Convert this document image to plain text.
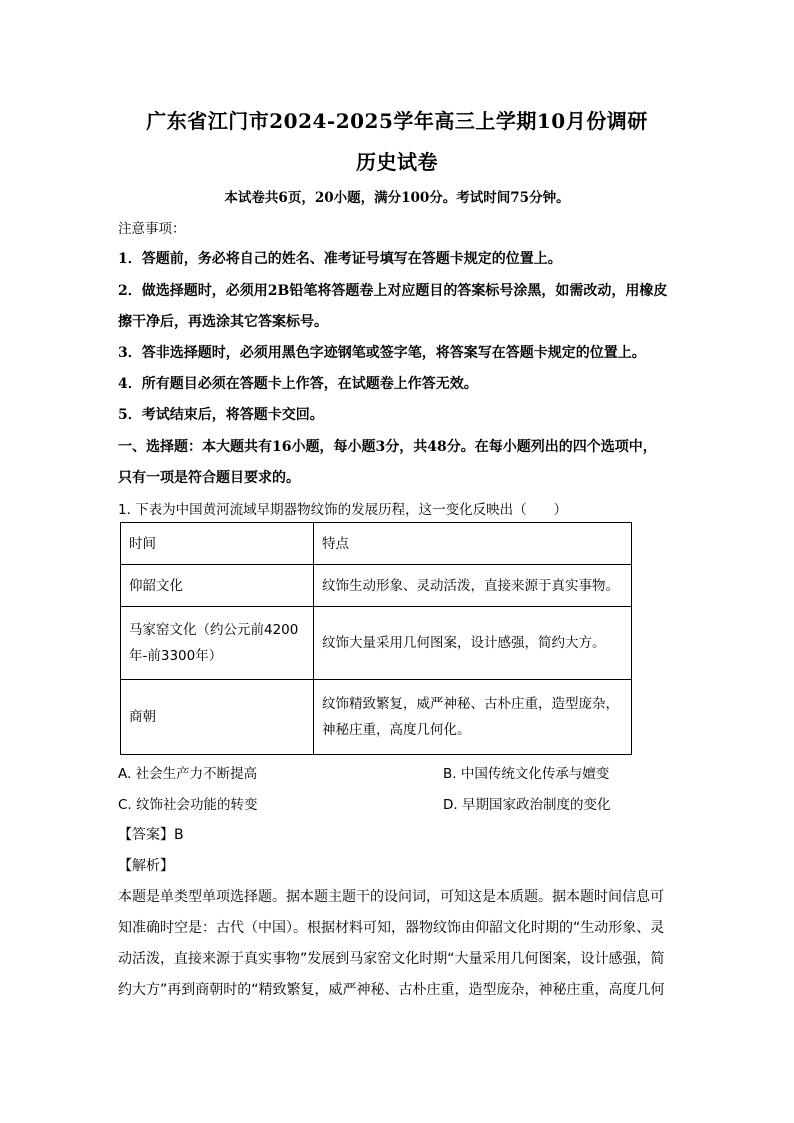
广东省江门市2024-2025学年高三上学期10月份调研
历史试卷
本试卷共6页，20小题，满分100分。考试时间75分钟。
注意事项：
1．答题前，务必将自己的姓名、准考证号填写在答题卡规定的位置上。
2．做选择题时，必须用2B铅笔将答题卷上对应题目的答案标号涂黑，如需改动，用橡皮
擦干净后，再选涂其它答案标号。
3．答非选择题时，必须用黑色字迹钢笔或签字笔，将答案写在答题卡规定的位置上。
4．所有题目必须在答题卡上作答，在试题卷上作答无效。
5．考试结束后，将答题卡交回。
一、选择题：本大题共有16小题，每小题3分，共48分。在每小题列出的四个选项中，
只有一项是符合题目要求的。
1. 下表为中国黄河流域早期器物纹饰的发展历程，这一变化反映出（　　）
时间	特点
仰韶文化	纹饰生动形象、灵动活泼，直接来源于真实事物。
马家窑文化（约公元前4200年-前3300年）	纹饰大量采用几何图案，设计感强，简约大方。
商朝	纹饰精致繁复，威严神秘、古朴庄重，造型庞杂，神秘庄重，高度几何化。
A. 社会生产力不断提高	B. 中国传统文化传承与嬗变
C. 纹饰社会功能的转变	D. 早期国家政治制度的变化
【答案】B
【解析】
本题是单类型单项选择题。据本题主题干的设问词，可知这是本质题。据本题时间信息可
知准确时空是：古代（中国）。根据材料可知，器物纹饰由仰韶文化时期的“生动形象、灵
动活泼，直接来源于真实事物”发展到马家窑文化时期“大量采用几何图案，设计感强，简
约大方”再到商朝时的“精致繁复，威严神秘、古朴庄重，造型庞杂，神秘庄重，高度几何
